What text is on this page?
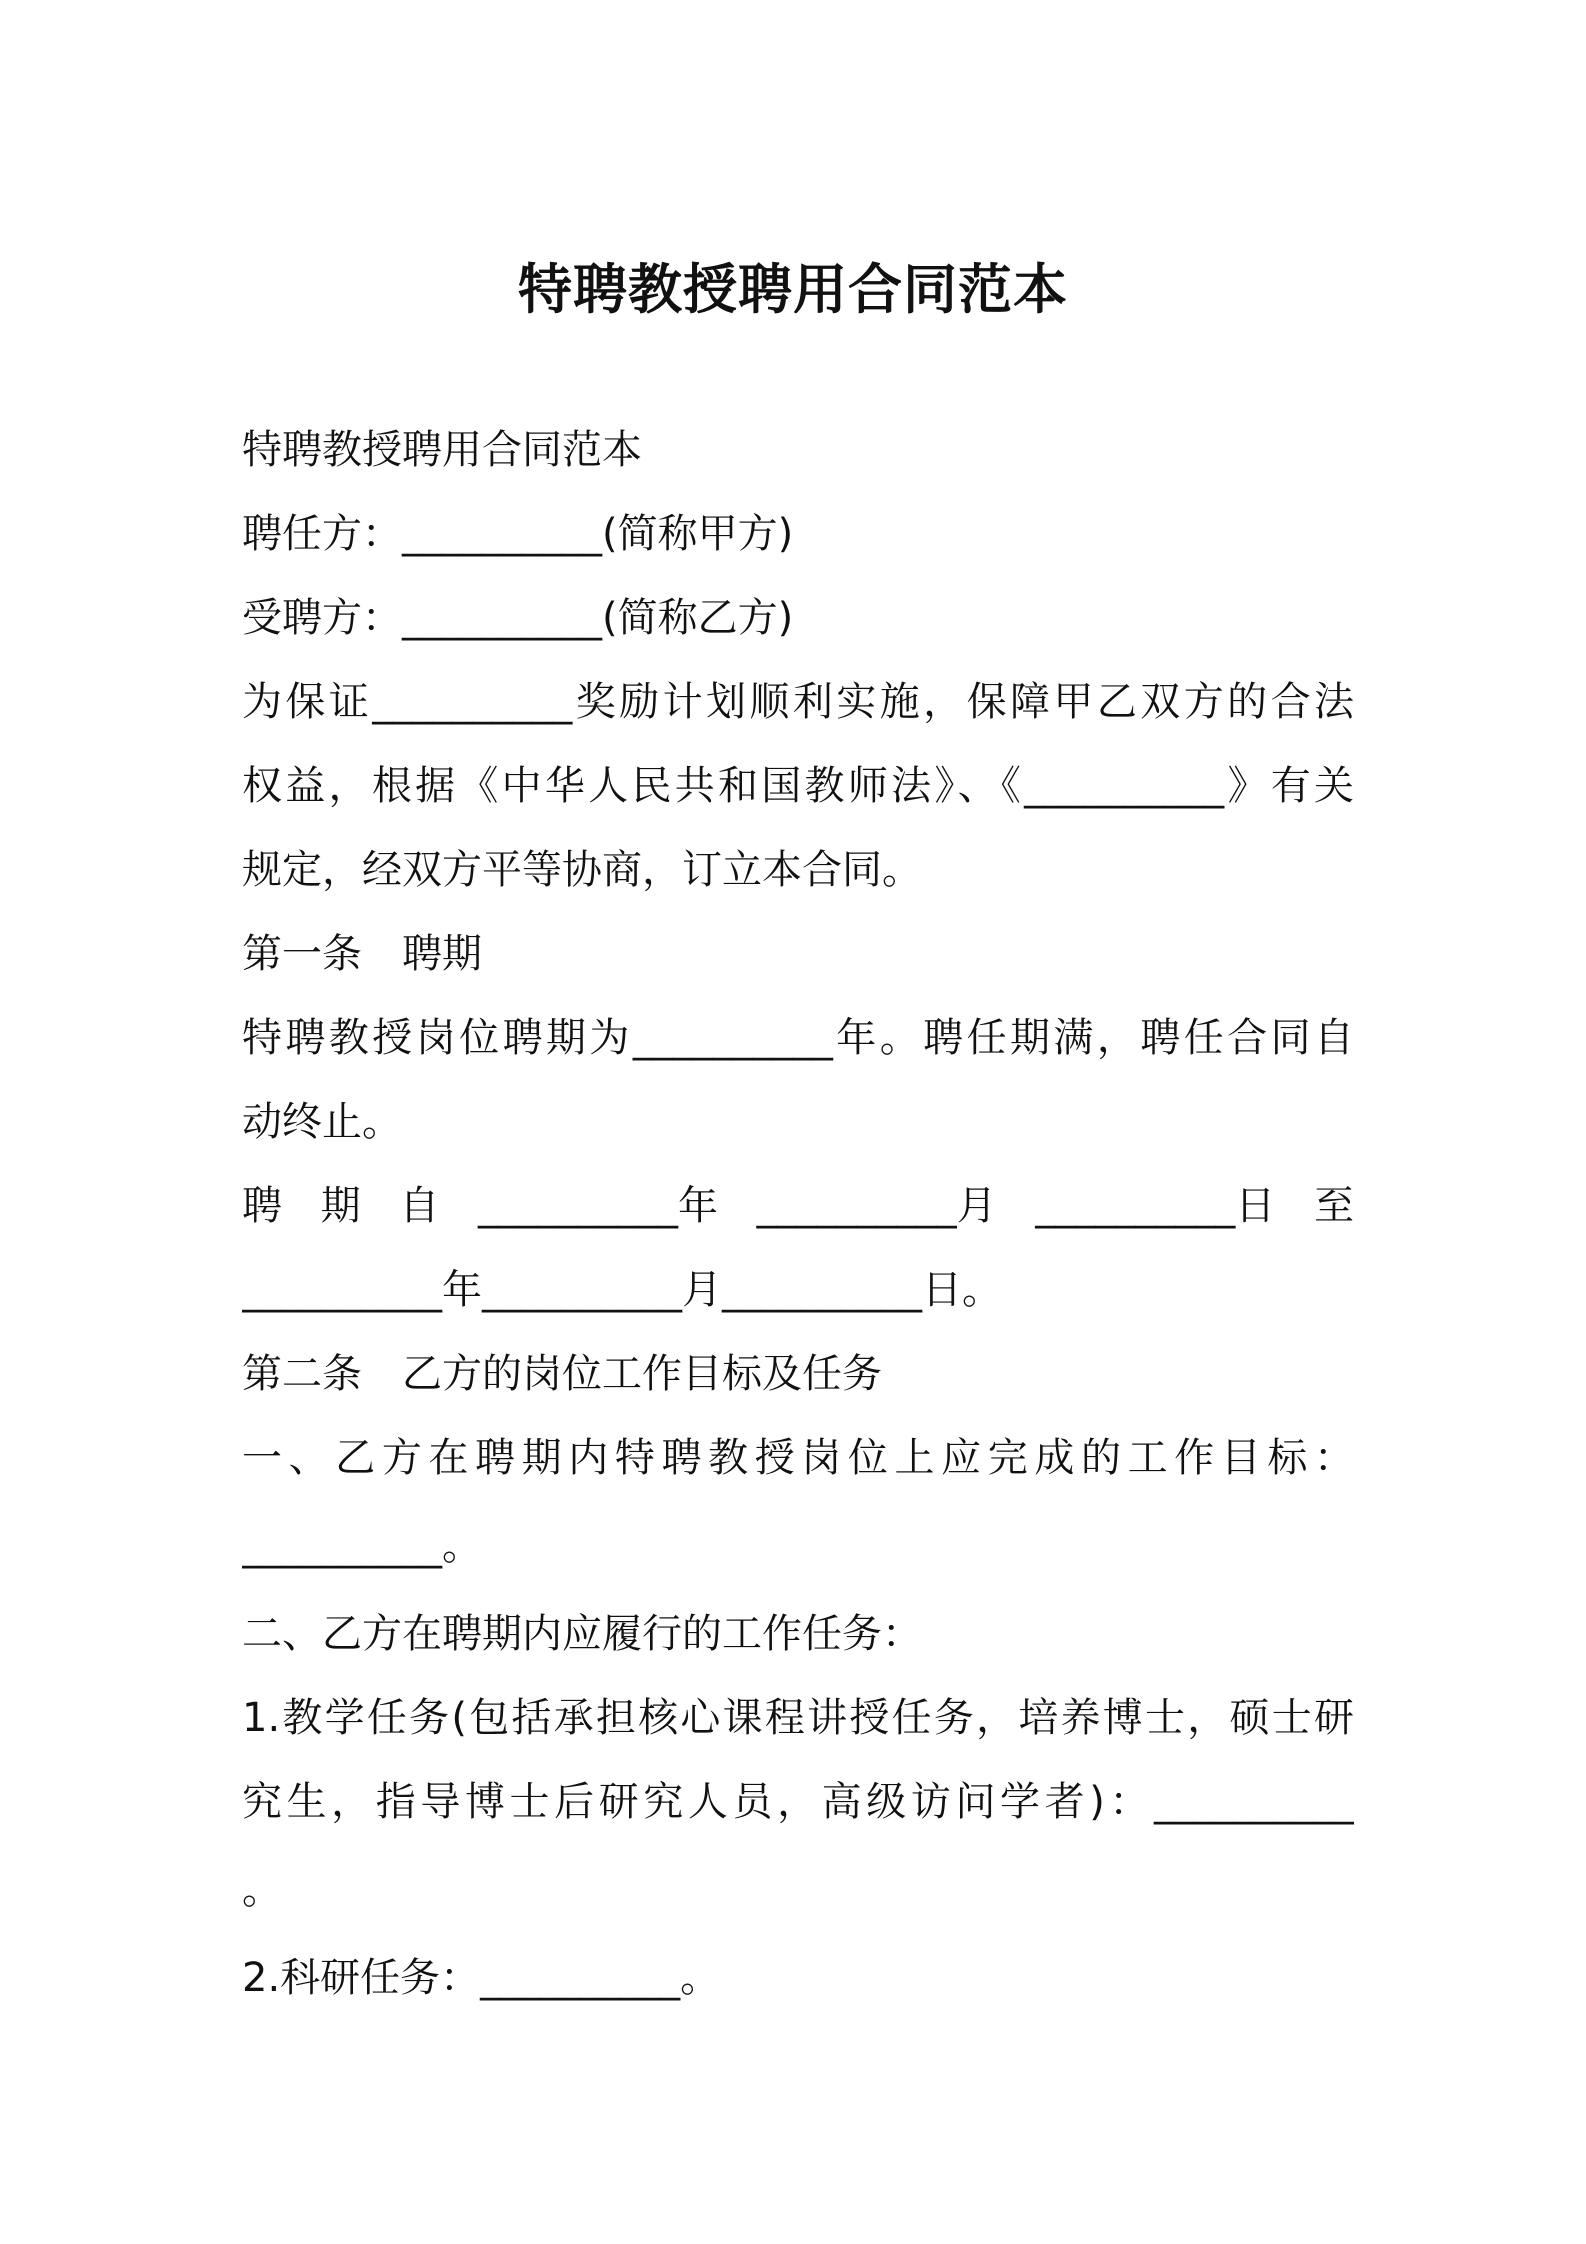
特聘教授聘用合同范本
特聘教授聘用合同范本
聘任方：__________(简称甲方)
受聘方：__________(简称乙方)
为保证__________奖励计划顺利实施，保障甲乙双方的合法
权益，根据《中华人民共和国教师法》、《__________》有关
规定，经双方平等协商，订立本合同。
第一条　聘期
特聘教授岗位聘期为__________年。聘任期满，聘任合同自
动终止。
聘 期 自 __________年 __________月 __________日 至
__________年__________月__________日。
第二条　乙方的岗位工作目标及任务
一、乙方在聘期内特聘教授岗位上应完成的工作目标：
__________。
二、乙方在聘期内应履行的工作任务：
1.教学任务(包括承担核心课程讲授任务，培养博士，硕士研
究生，指导博士后研究人员，高级访问学者)：__________
。
2.科研任务：__________。
